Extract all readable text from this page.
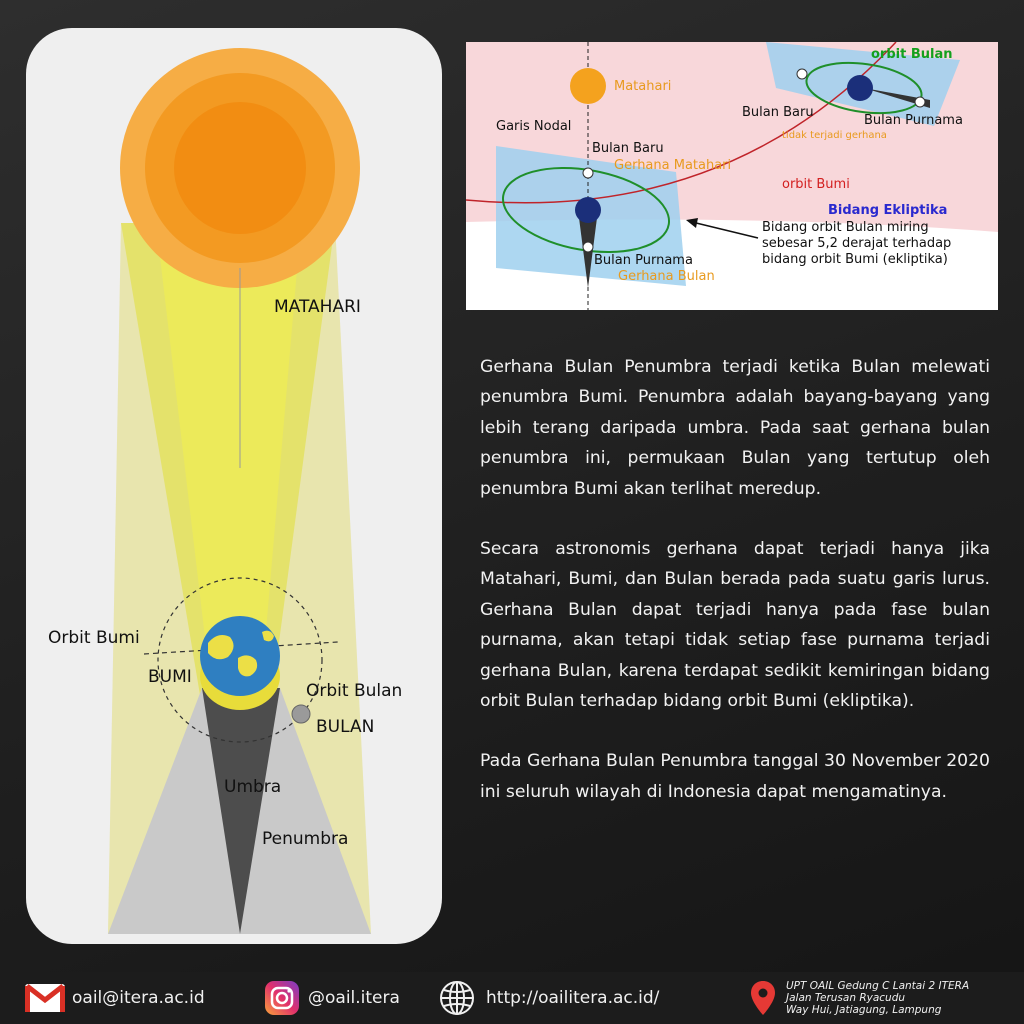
MATAHARI
Orbit Bumi
BUMI
Orbit Bulan
BULAN
Umbra
Penumbra
Matahari
orbit Bulan
Garis Nodal
Bulan Baru
Bulan Purnama
tidak terjadi gerhana
Bulan Baru
Gerhana Matahari
orbit Bumi
Bidang Ekliptika
Bulan Purnama
Gerhana Bulan
Bidang orbit Bulan miring
sebesar 5,2 derajat terhadap
bidang orbit Bumi (ekliptika)

Gerhana Bulan Penumbra terjadi ketika Bulan melewati penumbra Bumi. Penumbra adalah bayang-bayang yang lebih terang daripada umbra. Pada saat gerhana bulan penumbra ini, permukaan Bulan yang tertutup oleh penumbra Bumi akan terlihat meredup.

Secara astronomis gerhana dapat terjadi hanya jika Matahari, Bumi, dan Bulan berada pada suatu garis lurus. Gerhana Bulan dapat terjadi hanya pada fase bulan purnama, akan tetapi tidak setiap fase purnama terjadi gerhana Bulan, karena terdapat sedikit kemiringan bidang orbit Bulan terhadap bidang orbit Bumi (ekliptika).

Pada Gerhana Bulan Penumbra tanggal 30 November 2020 ini seluruh wilayah di Indonesia dapat mengamatinya.

oail@itera.ac.id	@oail.itera	http://oailitera.ac.id/
UPT OAIL Gedung C Lantai 2 ITERA
Jalan Terusan Ryacudu
Way Hui, Jatiagung, Lampung
